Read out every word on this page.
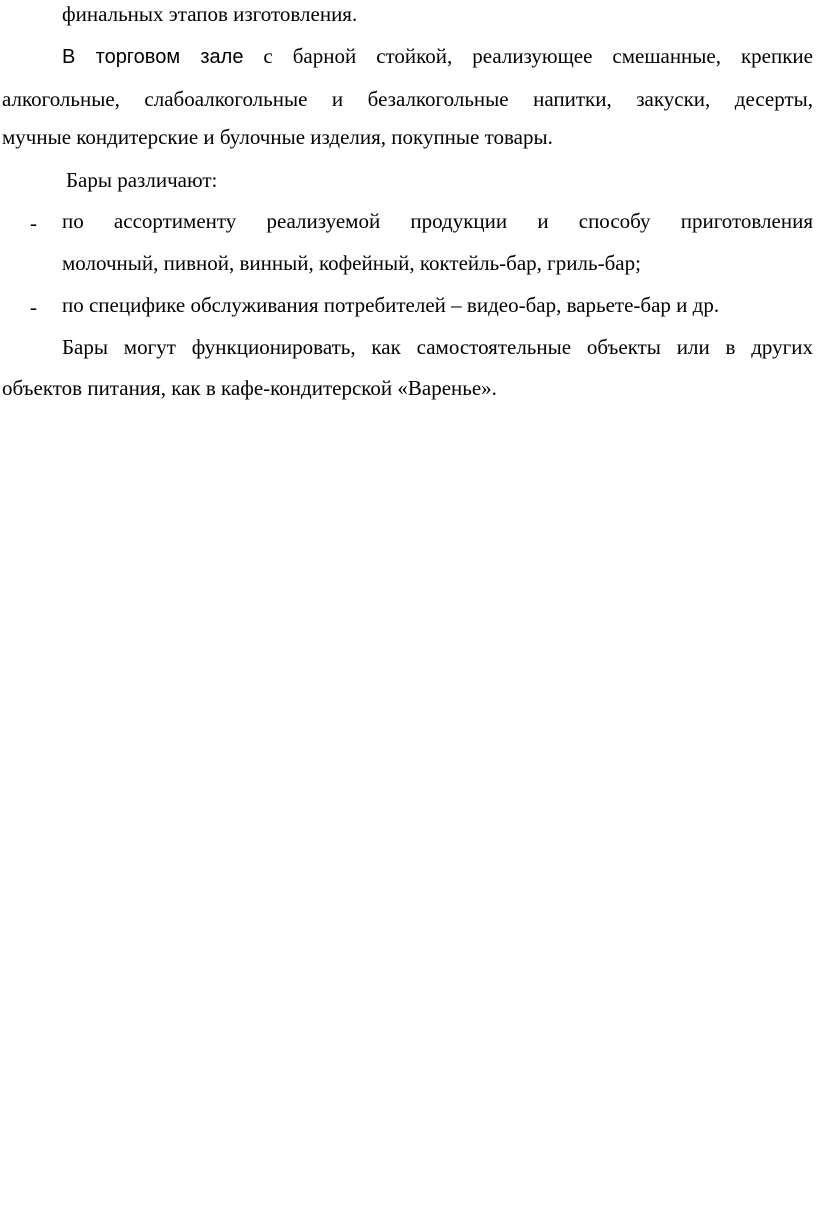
финальных этапов изготовления.
В торговом зале с барной стойкой, реализующее смешанные, крепкие
алкогольные, слабоалкогольные и безалкогольные напитки, закуски, десерты,
мучные кондитерские и булочные изделия, покупные товары.
Бары различают:
- по ассортименту реализуемой продукции и способу приготовления
молочный, пивной, винный, кофейный, коктейль-бар, гриль-бар;
- по специфике обслуживания потребителей – видео-бар, варьете-бар и др.
Бары могут функционировать, как самостоятельные объекты или в других
объектов питания, как в кафе-кондитерской «Варенье».
